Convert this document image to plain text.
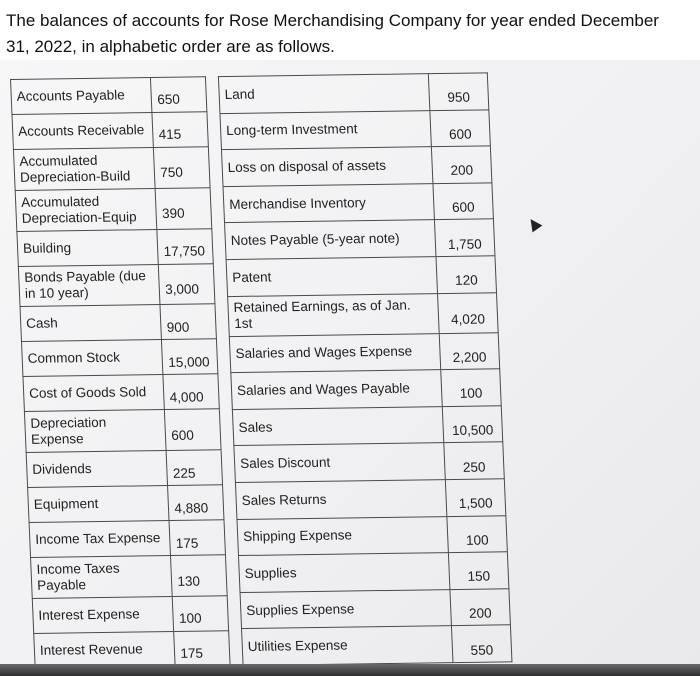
The balances of accounts for Rose Merchandising Company for year ended December 31, 2022, in alphabetic order are as follows.
Accounts Payable	650
Accounts Receivable	415
Accumulated Depreciation-Build	750
Accumulated Depreciation-Equip	390
Building	17,750
Bonds Payable (due in 10 year)	3,000
Cash	900
Common Stock	15,000
Cost of Goods Sold	4,000
Depreciation Expense	600
Dividends	225
Equipment	4,880
Income Tax Expense	175
Income Taxes Payable	130
Interest Expense	100
Interest Revenue	175
Land	950
Long-term Investment	600
Loss on disposal of assets	200
Merchandise Inventory	600
Notes Payable (5-year note)	1,750
Patent	120
Retained Earnings, as of Jan. 1st	4,020
Salaries and Wages Expense	2,200
Salaries and Wages Payable	100
Sales	10,500
Sales Discount	250
Sales Returns	1,500
Shipping Expense	100
Supplies	150
Supplies Expense	200
Utilities Expense	550
